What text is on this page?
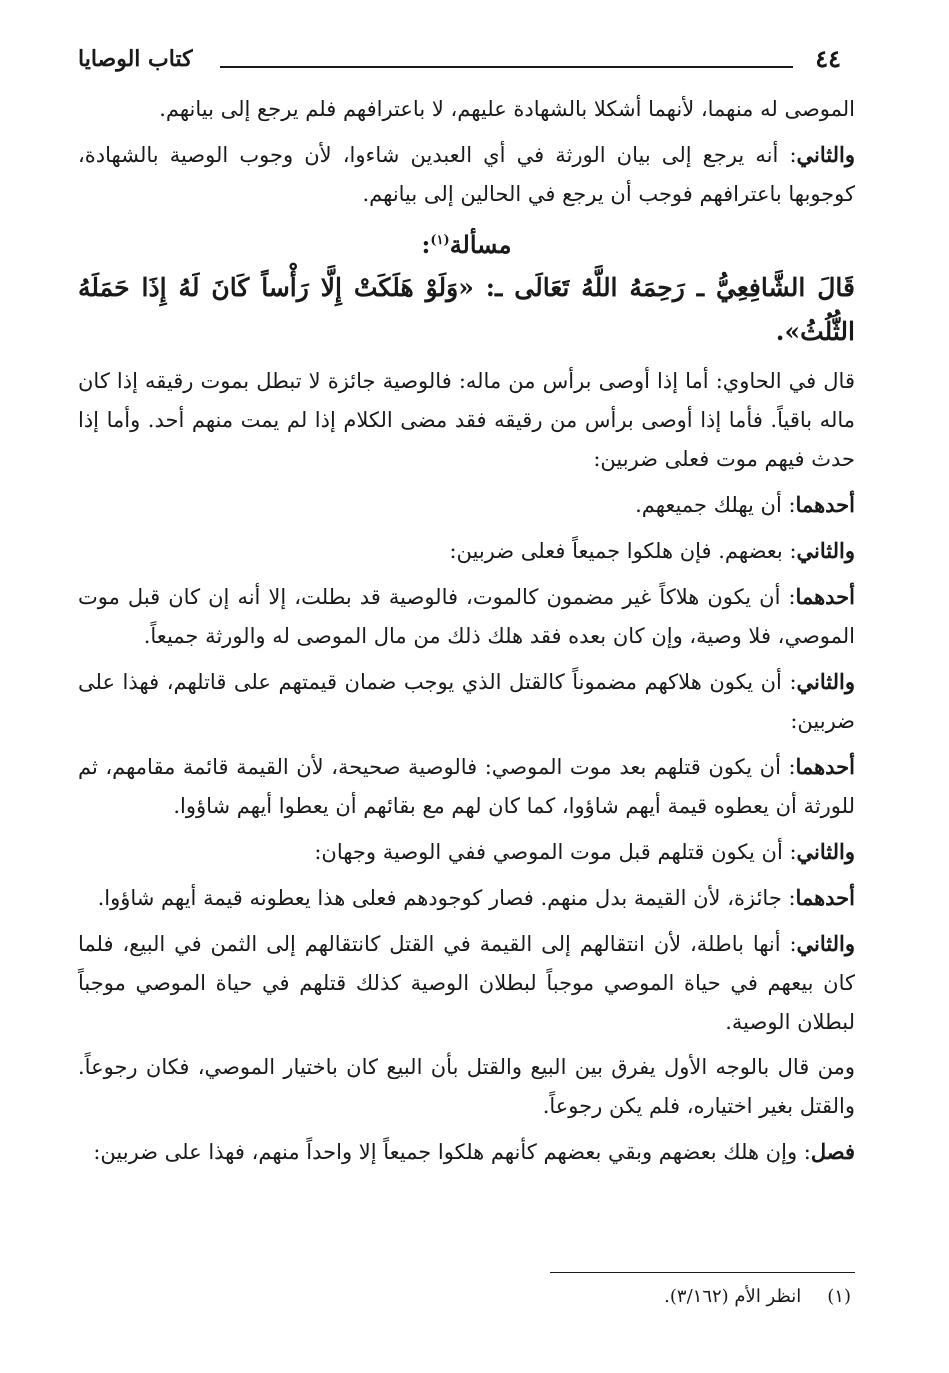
٤٤
كتاب الوصايا

الموصى له منهما، لأنهما أشكلا بالشهادة عليهم، لا باعترافهم فلم يرجع إلى بيانهم.

والثاني: أنه يرجع إلى بيان الورثة في أي العبدين شاءوا، لأن وجوب الوصية بالشهادة، كوجوبها باعترافهم فوجب أن يرجع في الحالين إلى بيانهم.

مسألة$^{(١)}$:

قَالَ الشَّافِعِيُّ ـ رَحِمَهُ اللَّهُ تَعَالَى ـ: «وَلَوْ هَلَكَتْ إِلَّا رَأْساً كَانَ لَهُ إِذَا حَمَلَهُ الثُّلُثُ».

قال في الحاوي: أما إذا أوصى برأس من ماله: فالوصية جائزة لا تبطل بموت رقيقه إذا كان ماله باقياً. فأما إذا أوصى برأس من رقيقه فقد مضى الكلام إذا لم يمت منهم أحد. وأما إذا حدث فيهم موت فعلى ضربين:

أحدهما: أن يهلك جميعهم.

والثاني: بعضهم. فإن هلكوا جميعاً فعلى ضربين:

أحدهما: أن يكون هلاكاً غير مضمون كالموت، فالوصية قد بطلت، إلا أنه إن كان قبل موت الموصي، فلا وصية، وإن كان بعده فقد هلك ذلك من مال الموصى له والورثة جميعاً.

والثاني: أن يكون هلاكهم مضموناً كالقتل الذي يوجب ضمان قيمتهم على قاتلهم، فهذا على ضربين:

أحدهما: أن يكون قتلهم بعد موت الموصي: فالوصية صحيحة، لأن القيمة قائمة مقامهم، ثم للورثة أن يعطوه قيمة أيهم شاؤوا، كما كان لهم مع بقائهم أن يعطوا أيهم شاؤوا.

والثاني: أن يكون قتلهم قبل موت الموصي ففي الوصية وجهان:

أحدهما: جائزة، لأن القيمة بدل منهم. فصار كوجودهم فعلى هذا يعطونه قيمة أيهم شاؤوا.

والثاني: أنها باطلة، لأن انتقالهم إلى القيمة في القتل كانتقالهم إلى الثمن في البيع، فلما كان بيعهم في حياة الموصي موجباً لبطلان الوصية كذلك قتلهم في حياة الموصي موجباً لبطلان الوصية.

ومن قال بالوجه الأول يفرق بين البيع والقتل بأن البيع كان باختيار الموصي، فكان رجوعاً. والقتل بغير اختياره، فلم يكن رجوعاً.

فصل: وإن هلك بعضهم وبقي بعضهم كأنهم هلكوا جميعاً إلا واحداً منهم، فهذا على ضربين:

(١)انظر الأم (٣/١٦٢).
